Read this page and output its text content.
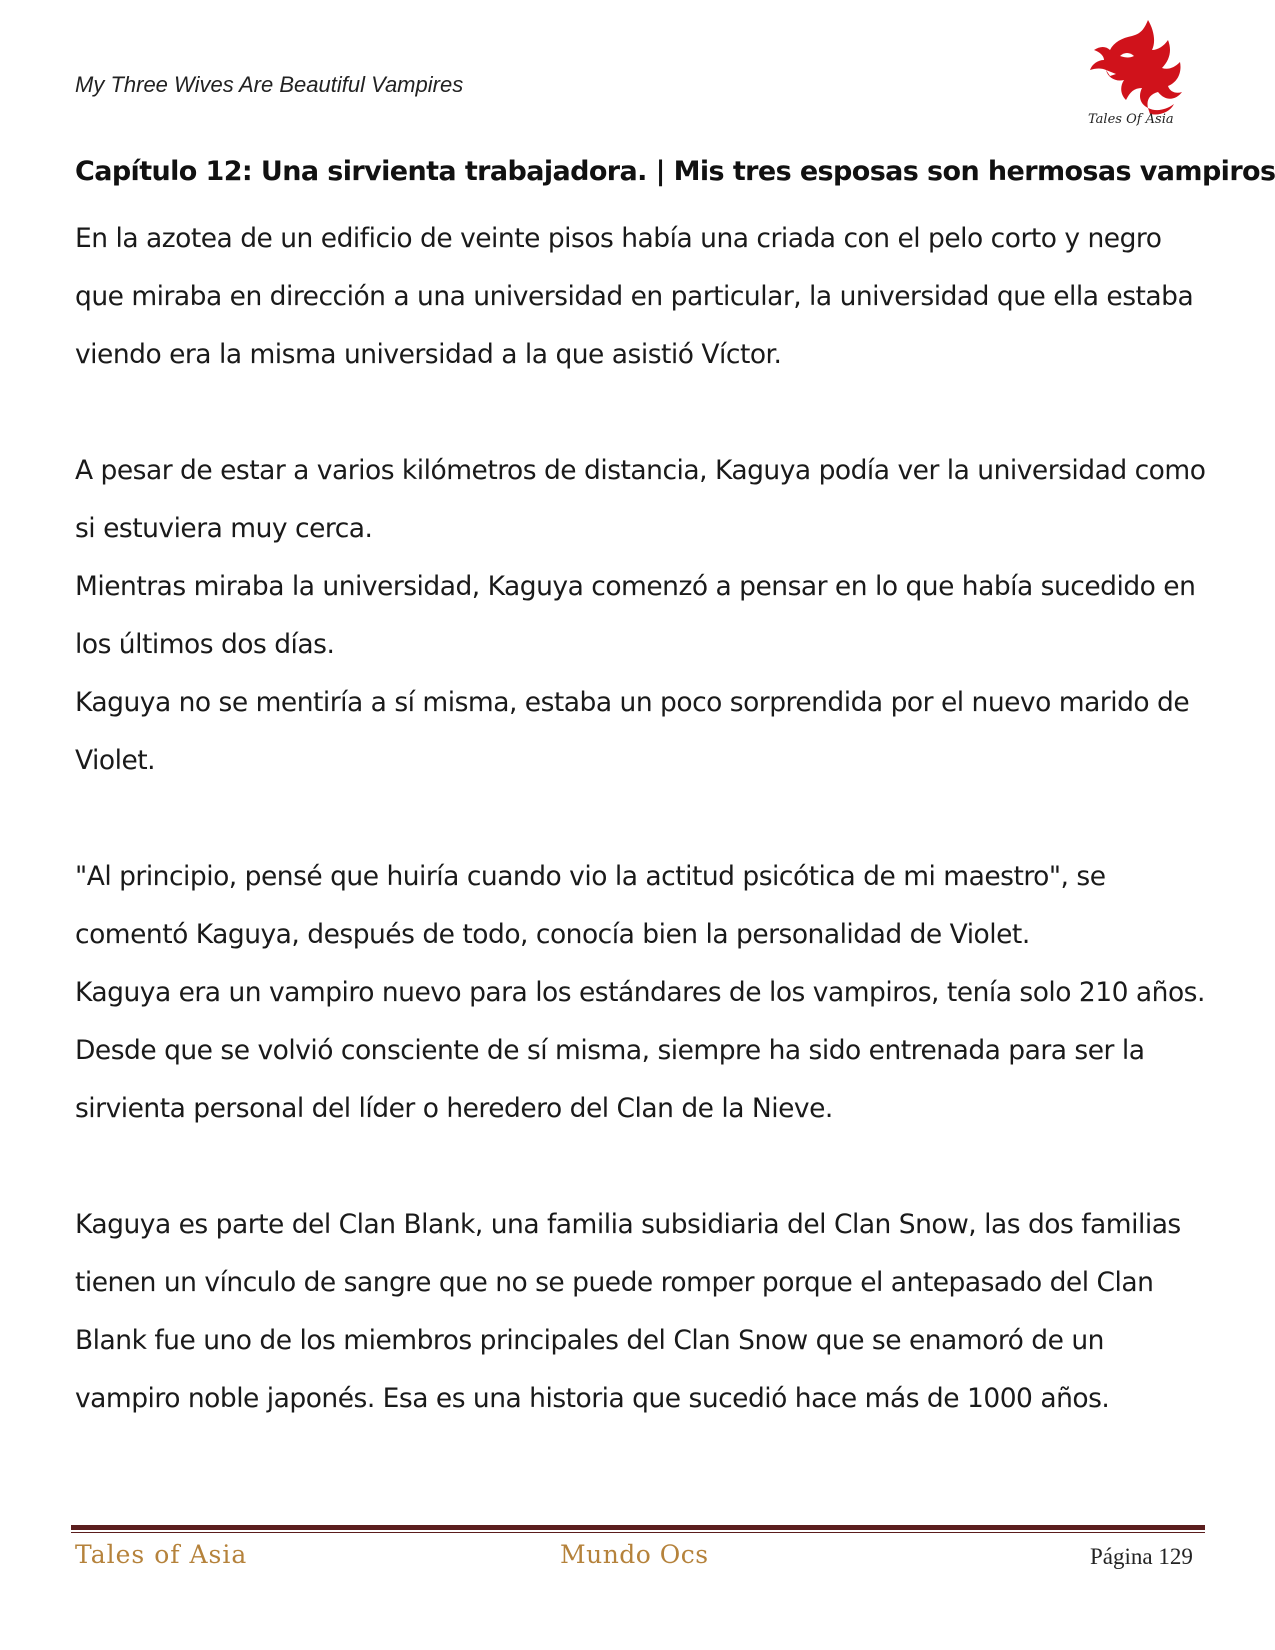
My Three Wives Are Beautiful Vampires
Tales Of Asia
Capítulo 12: Una sirvienta trabajadora. | Mis tres esposas son hermosas vampiros

En la azotea de un edificio de veinte pisos había una criada con el pelo corto y negro que miraba en dirección a una universidad en particular, la universidad que ella estaba viendo era la misma universidad a la que asistió Víctor.

A pesar de estar a varios kilómetros de distancia, Kaguya podía ver la universidad como si estuviera muy cerca.

Mientras miraba la universidad, Kaguya comenzó a pensar en lo que había sucedido en los últimos dos días.

Kaguya no se mentiría a sí misma, estaba un poco sorprendida por el nuevo marido de Violet.

"Al principio, pensé que huiría cuando vio la actitud psicótica de mi maestro", se comentó Kaguya, después de todo, conocía bien la personalidad de Violet.

Kaguya era un vampiro nuevo para los estándares de los vampiros, tenía solo 210 años.

Desde que se volvió consciente de sí misma, siempre ha sido entrenada para ser la sirvienta personal del líder o heredero del Clan de la Nieve.

Kaguya es parte del Clan Blank, una familia subsidiaria del Clan Snow, las dos familias tienen un vínculo de sangre que no se puede romper porque el antepasado del Clan Blank fue uno de los miembros principales del Clan Snow que se enamoró de un vampiro noble japonés. Esa es una historia que sucedió hace más de 1000 años.

Tales of Asia	Mundo Ocs	Página 129
